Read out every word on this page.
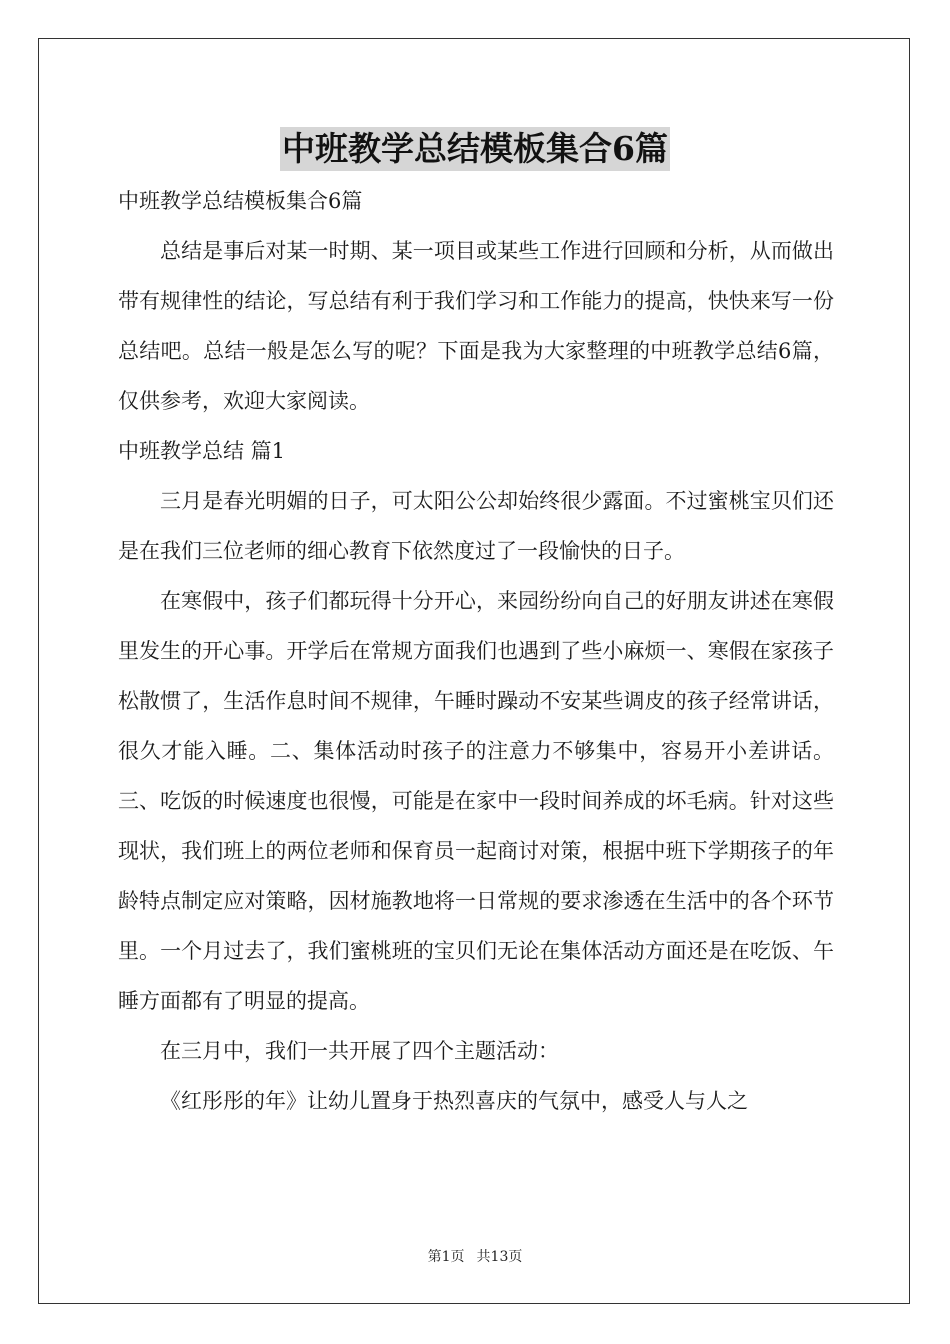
中班教学总结模板集合6篇

中班教学总结模板集合6篇

总结是事后对某一时期、某一项目或某些工作进行回顾和分析，从而做出带有规律性的结论，写总结有利于我们学习和工作能力的提高，快快来写一份总结吧。总结一般是怎么写的呢？下面是我为大家整理的中班教学总结6篇，仅供参考，欢迎大家阅读。

中班教学总结 篇1

三月是春光明媚的日子，可太阳公公却始终很少露面。不过蜜桃宝贝们还是在我们三位老师的细心教育下依然度过了一段愉快的日子。

在寒假中，孩子们都玩得十分开心，来园纷纷向自己的好朋友讲述在寒假里发生的开心事。开学后在常规方面我们也遇到了些小麻烦一、寒假在家孩子松散惯了，生活作息时间不规律，午睡时躁动不安某些调皮的孩子经常讲话，很久才能入睡。二、集体活动时孩子的注意力不够集中，容易开小差讲话。三、吃饭的时候速度也很慢，可能是在家中一段时间养成的坏毛病。针对这些现状，我们班上的两位老师和保育员一起商讨对策，根据中班下学期孩子的年龄特点制定应对策略，因材施教地将一日常规的要求渗透在生活中的各个环节里。一个月过去了，我们蜜桃班的宝贝们无论在集体活动方面还是在吃饭、午睡方面都有了明显的提高。

在三月中，我们一共开展了四个主题活动：

《红彤彤的年》让幼儿置身于热烈喜庆的气氛中，感受人与人之

第1页 共13页
